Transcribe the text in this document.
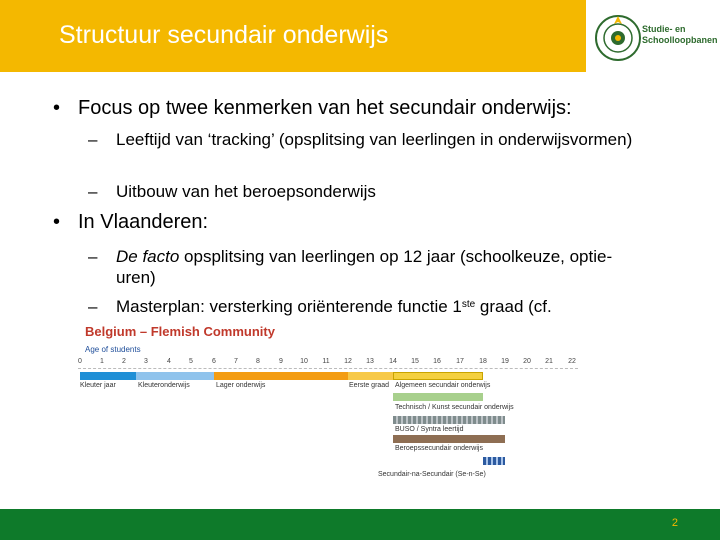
Structuur secundair onderwijs	Studie- en
Schoolloopbanen
• Focus op twee kenmerken van het secundair onderwijs:
– Leeftijd van ‘tracking’ (opsplitsing van leerlingen in onderwijsvormen)
– Uitbouw van het beroepsonderwijs
• In Vlaanderen:
– De facto opsplitsing van leerlingen op 12 jaar (schoolkeuze, optie-uren)
– Masterplan: versterking oriënterende functie 1ste graad (cf.
Belgium – Flemish Community
Age of students
0	1	2	3	4	5	6	7	8	9 10 11 12 13 14 15 16 17 18 19 20 21 22
Kleuter jaar	Kleuteronderwijs	Lager onderwijs	Eerste graad Algemeen secundair onderwijs
Technisch / Kunst secundair onderwijs
BUSO / Syntra leertijd
Beroepssecundair onderwijs
Secundair-na-Secundair (Se-n-Se)
2
